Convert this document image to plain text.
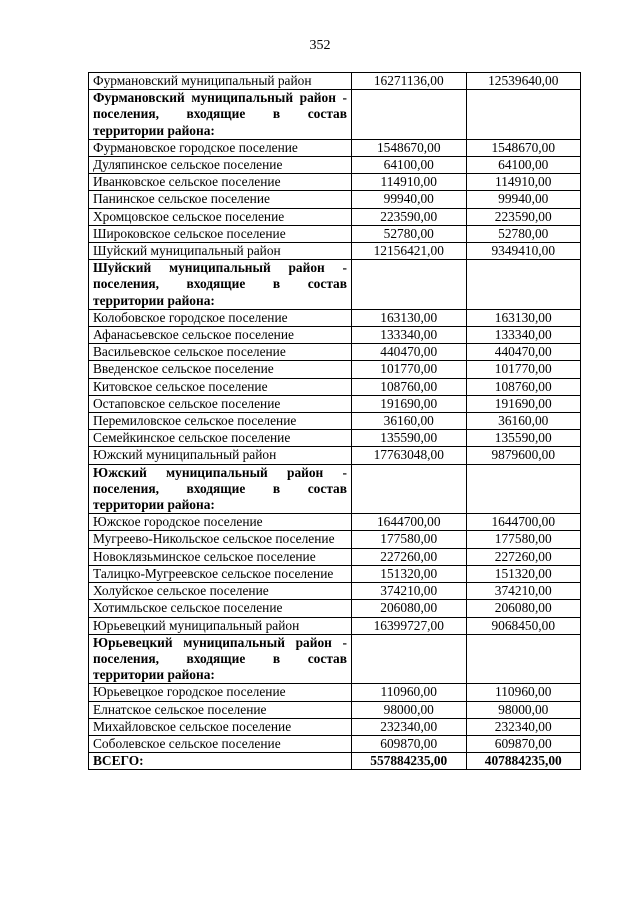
352
Фурмановский муниципальный район	16271136,00	12539640,00
Фурмановский муниципальный район - поселения, входящие в состав территории района:		
Фурмановское городское поселение	1548670,00	1548670,00
Дуляпинское сельское поселение	64100,00	64100,00
Иванковское сельское поселение	114910,00	114910,00
Панинское сельское поселение	99940,00	99940,00
Хромцовское сельское поселение	223590,00	223590,00
Широковское сельское поселение	52780,00	52780,00
Шуйский муниципальный район	12156421,00	9349410,00
Шуйский муниципальный район - поселения, входящие в состав территории района:		
Колобовское городское поселение	163130,00	163130,00
Афанасьевское сельское поселение	133340,00	133340,00
Васильевское сельское поселение	440470,00	440470,00
Введенское сельское поселение	101770,00	101770,00
Китовское сельское поселение	108760,00	108760,00
Остаповское сельское поселение	191690,00	191690,00
Перемиловское сельское поселение	36160,00	36160,00
Семейкинское сельское поселение	135590,00	135590,00
Южский муниципальный район	17763048,00	9879600,00
Южский муниципальный район - поселения, входящие в состав территории района:		
Южское городское поселение	1644700,00	1644700,00
Мугреево-Никольское сельское поселение	177580,00	177580,00
Новоклязьминское сельское поселение	227260,00	227260,00
Талицко-Мугреевское сельское поселение	151320,00	151320,00
Холуйское сельское поселение	374210,00	374210,00
Хотимльское сельское поселение	206080,00	206080,00
Юрьевецкий муниципальный район	16399727,00	9068450,00
Юрьевецкий муниципальный район - поселения, входящие в состав территории района:		
Юрьевецкое городское поселение	110960,00	110960,00
Елнатское сельское поселение	98000,00	98000,00
Михайловское сельское поселение	232340,00	232340,00
Соболевское сельское поселение	609870,00	609870,00
ВСЕГО:	557884235,00	407884235,00
